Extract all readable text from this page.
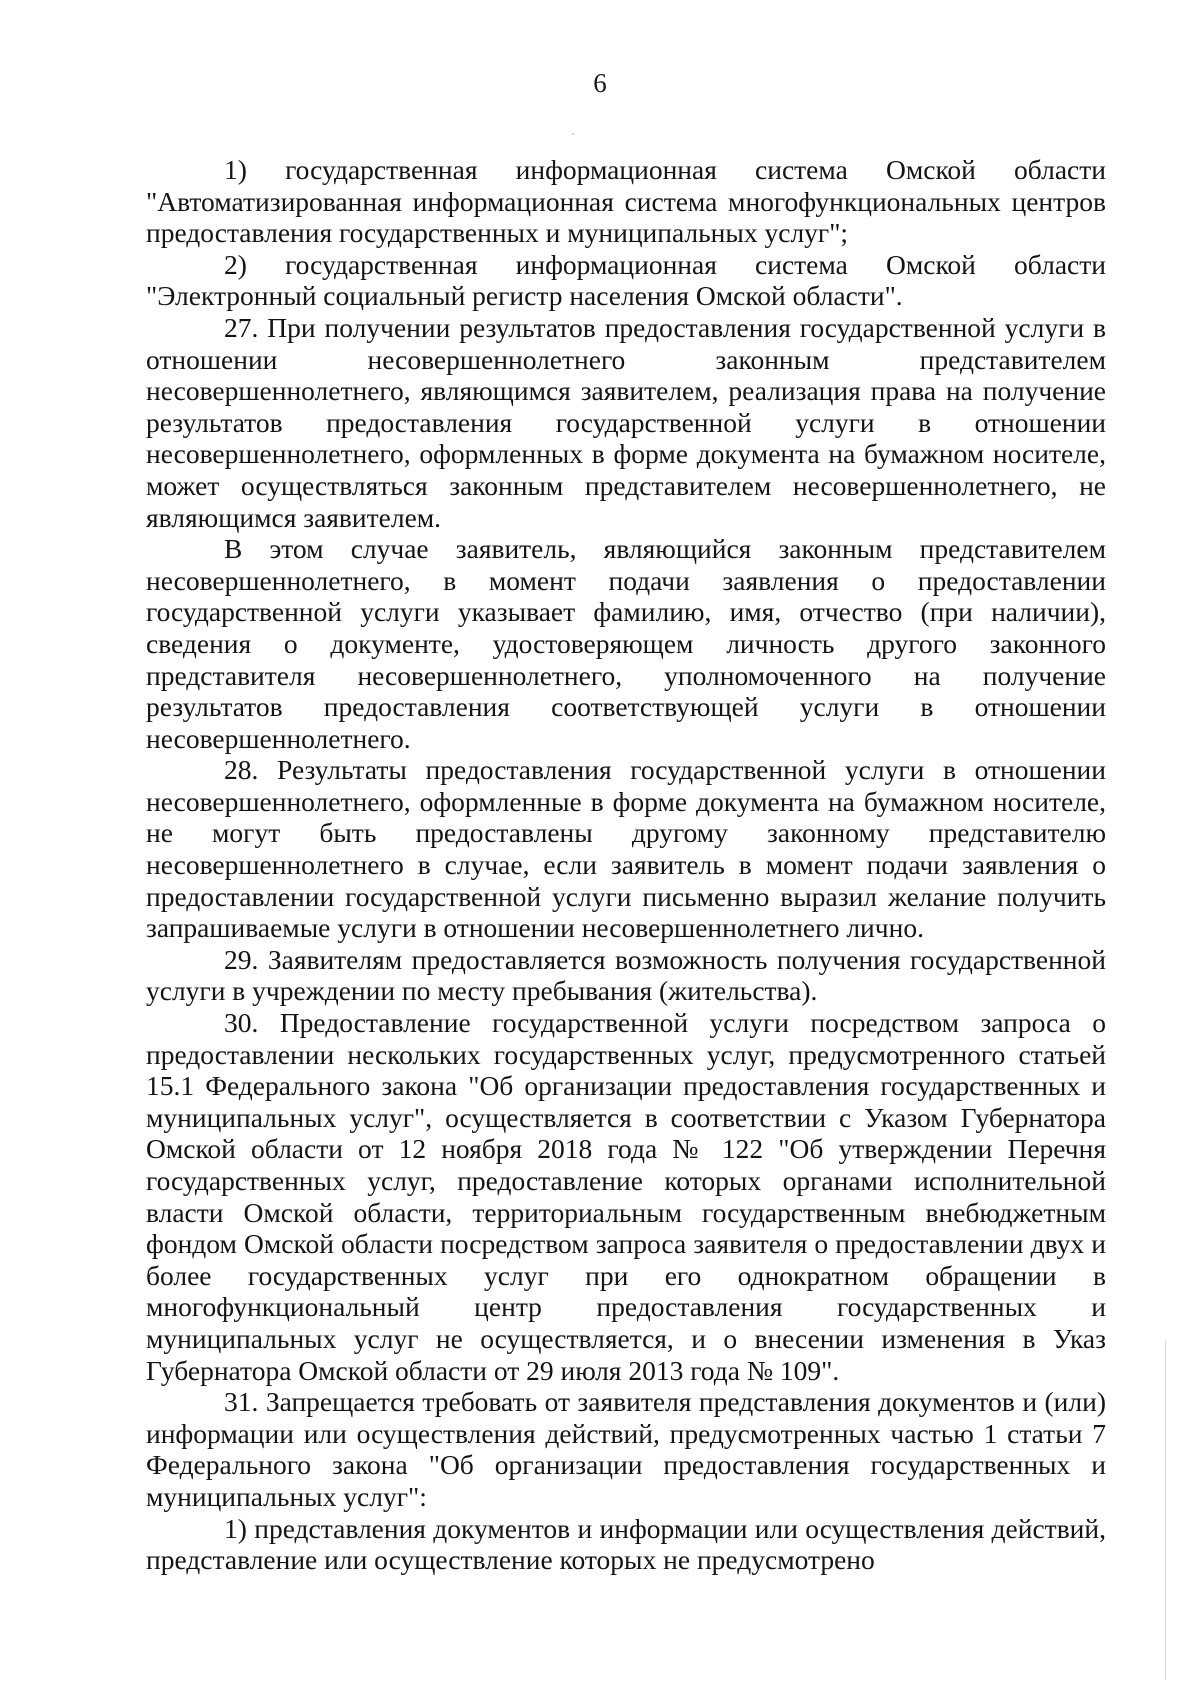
6

1) государственная информационная система Омской области "Автоматизированная информационная система многофункциональных центров предоставления государственных и муниципальных услуг";

2) государственная информационная система Омской области "Электронный социальный регистр населения Омской области".

27. При получении результатов предоставления государственной услуги в отношении несовершеннолетнего законным представителем несовершеннолетнего, являющимся заявителем, реализация права на получение результатов предоставления государственной услуги в отношении несовершеннолетнего, оформленных в форме документа на бумажном носителе, может осуществляться законным представителем несовершеннолетнего, не являющимся заявителем.

В этом случае заявитель, являющийся законным представителем несовершеннолетнего, в момент подачи заявления о предоставлении государственной услуги указывает фамилию, имя, отчество (при наличии), сведения о документе, удостоверяющем личность другого законного представителя несовершеннолетнего, уполномоченного на получение результатов предоставления соответствующей услуги в отношении несовершеннолетнего.

28. Результаты предоставления государственной услуги в отношении несовершеннолетнего, оформленные в форме документа на бумажном носителе, не могут быть предоставлены другому законному представителю несовершеннолетнего в случае, если заявитель в момент подачи заявления о предоставлении государственной услуги письменно выразил желание получить запрашиваемые услуги в отношении несовершеннолетнего лично.

29. Заявителям предоставляется возможность получения государственной услуги в учреждении по месту пребывания (жительства).

30. Предоставление государственной услуги посредством запроса о предоставлении нескольких государственных услуг, предусмотренного статьей 15.1 Федерального закона "Об организации предоставления государственных и муниципальных услуг", осуществляется в соответствии с Указом Губернатора Омской области от 12 ноября 2018 года № 122 "Об утверждении Перечня государственных услуг, предоставление которых органами исполнительной власти Омской области, территориальным государственным внебюджетным фондом Омской области посредством запроса заявителя о предоставлении двух и более государственных услуг при его однократном обращении в многофункциональный центр предоставления государственных и муниципальных услуг не осуществляется, и о внесении изменения в Указ Губернатора Омской области от 29 июля 2013 года № 109".

31. Запрещается требовать от заявителя представления документов и (или) информации или осуществления действий, предусмотренных частью 1 статьи 7 Федерального закона "Об организации предоставления государственных и муниципальных услуг":

1) представления документов и информации или осуществления действий, представление или осуществление которых не предусмотрено
